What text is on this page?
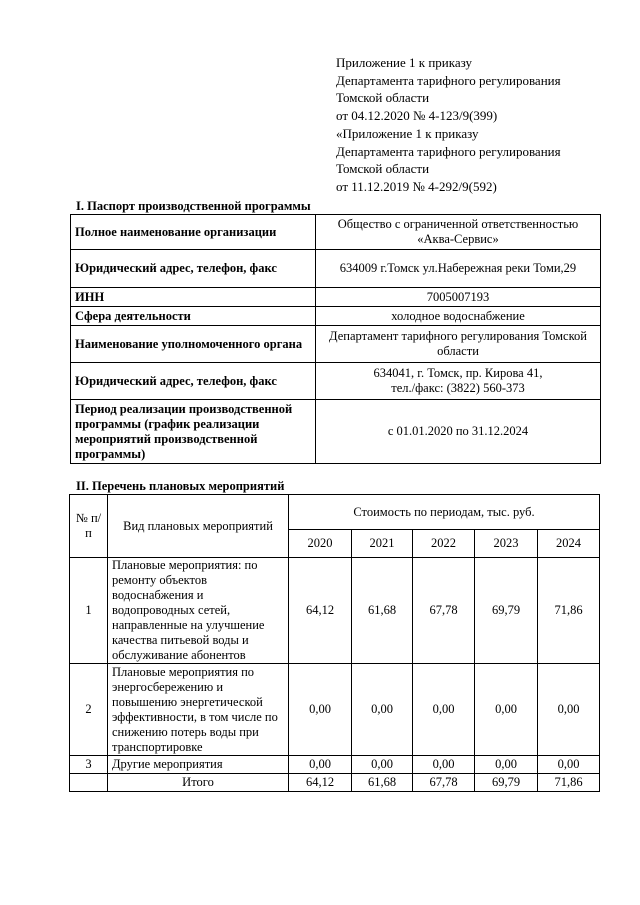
Приложение 1 к приказу
Департамента тарифного регулирования
Томской области
от 04.12.2020 № 4-123/9(399)
«Приложение 1 к приказу
Департамента тарифного регулирования
Томской области
от 11.12.2019 № 4-292/9(592)
I. Паспорт производственной программы
Полное наименование организации	Общество с ограниченной ответственностью «Аква-Сервис»
Юридический адрес, телефон, факс	634009 г.Томск ул.Набережная реки Томи,29
ИНН	7005007193
Сфера деятельности	холодное водоснабжение
Наименование уполномоченного органа	Департамент тарифного регулирования Томской области
Юридический адрес, телефон, факс	634041, г. Томск, пр. Кирова 41,
тел./факс: (3822) 560-373

Период реализации производственной программы (график реализации мероприятий производственной программы)	с 01.01.2020 по 31.12.2024
II. Перечень плановых мероприятий
№ п/п	Вид плановых мероприятий	Стоимость по периодам, тыс. руб.				
		2020	2021	2022	2023	2024
1	Плановые мероприятия: по ремонту объектов водоснабжения и водопроводных сетей, направленные на улучшение качества питьевой воды и обслуживание абонентов	64,12	61,68	67,78	69,79	71,86
2	Плановые мероприятия по энергосбережению и повышению энергетической эффективности, в том числе по снижению потерь воды при транспортировке	0,00	0,00	0,00	0,00	0,00
3	Другие мероприятия	0,00	0,00	0,00	0,00	0,00
	Итого	64,12	61,68	67,78	69,79	71,86
